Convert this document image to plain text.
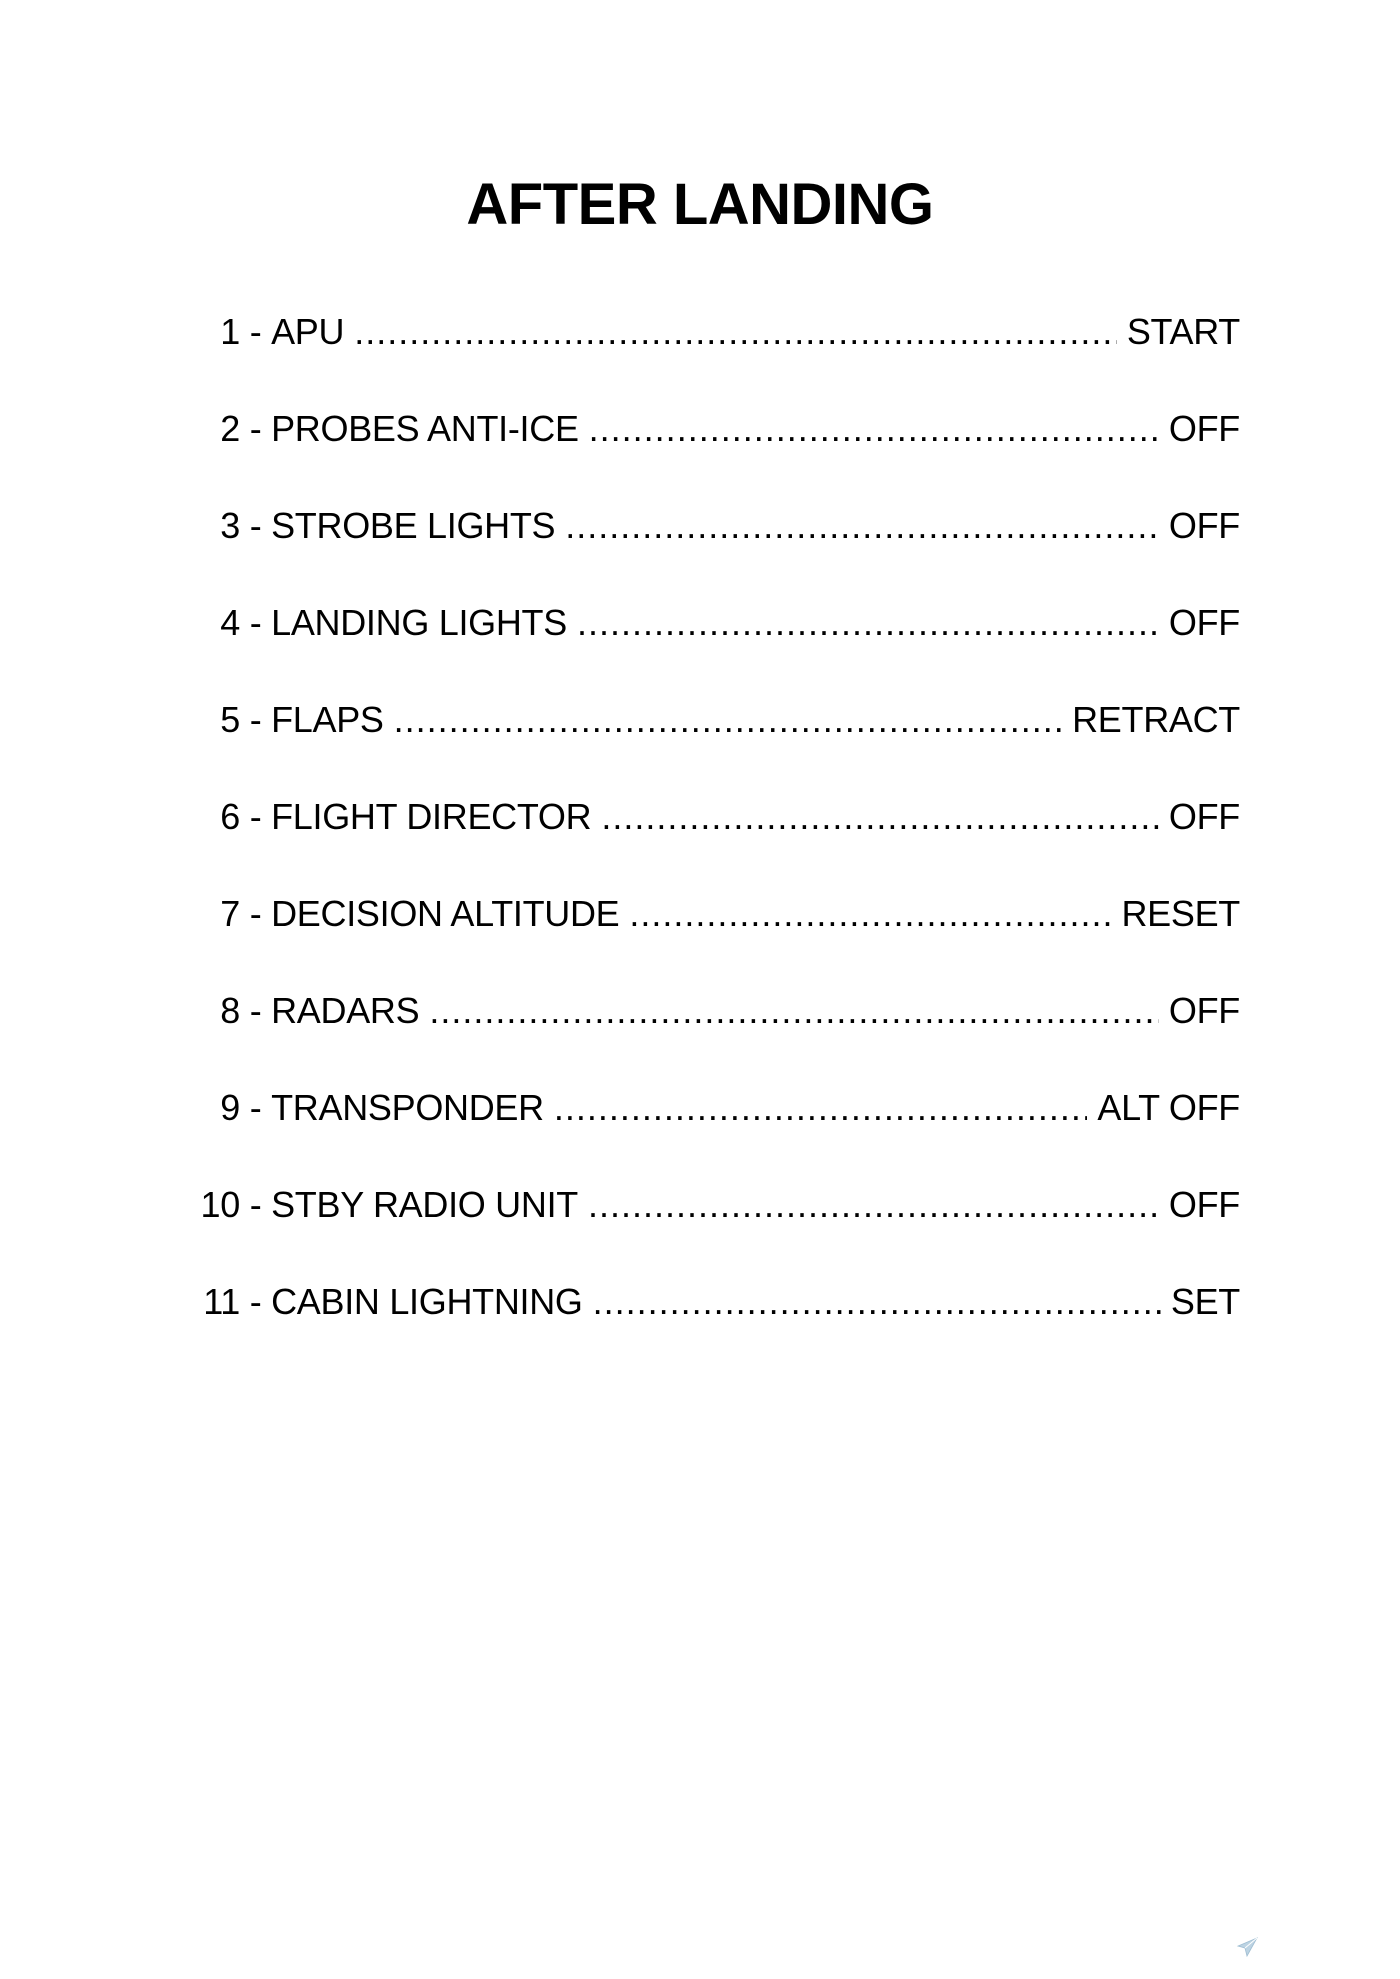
AFTER LANDING
1 - APU .....	START
2 - PROBES ANTI-ICE .....	OFF
3 - STROBE LIGHTS .....	OFF
4 - LANDING LIGHTS .....	OFF
5 - FLAPS .....	RETRACT
6 - FLIGHT DIRECTOR .....	OFF
7 - DECISION ALTITUDE .....	RESET
8 - RADARS .....	OFF
9 - TRANSPONDER .....	ALT OFF
10 - STBY RADIO UNIT .....	OFF
11 - CABIN LIGHTNING .....	SET
